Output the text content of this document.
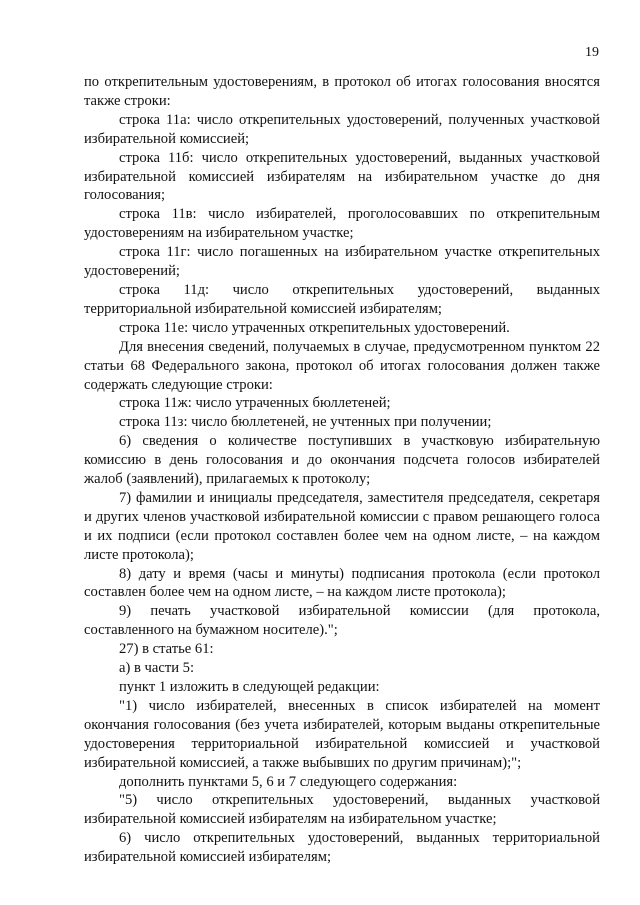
19

по открепительным удостоверениям, в протокол об итогах голосования вносятся также строки:

строка 11а: число открепительных удостоверений, полученных участковой избирательной комиссией;

строка 11б: число открепительных удостоверений, выданных участковой избирательной комиссией избирателям на избирательном участке до дня голосования;

строка 11в: число избирателей, проголосовавших по открепительным удостоверениям на избирательном участке;

строка 11г: число погашенных на избирательном участке открепительных удостоверений;

строка 11д: число открепительных удостоверений, выданных территориальной избирательной комиссией избирателям;

строка 11е: число утраченных открепительных удостоверений.

Для внесения сведений, получаемых в случае, предусмотренном пунктом 22 статьи 68 Федерального закона, протокол об итогах голосования должен также содержать следующие строки:

строка 11ж: число утраченных бюллетеней;

строка 11з: число бюллетеней, не учтенных при получении;

6) сведения о количестве поступивших в участковую избирательную комиссию в день голосования и до окончания подсчета голосов избирателей жалоб (заявлений), прилагаемых к протоколу;

7) фамилии и инициалы председателя, заместителя председателя, секретаря и других членов участковой избирательной комиссии с правом решающего голоса и их подписи (если протокол составлен более чем на одном листе, – на каждом листе протокола);

8) дату и время (часы и минуты) подписания протокола (если протокол составлен более чем на одном листе, – на каждом листе протокола);

9) печать участковой избирательной комиссии (для протокола, составленного на бумажном носителе).";

27) в статье 61:

а) в части 5:

пункт 1 изложить в следующей редакции:

"1) число избирателей, внесенных в список избирателей на момент окончания голосования (без учета избирателей, которым выданы открепительные удостоверения территориальной избирательной комиссией и участковой избирательной комиссией, а также выбывших по другим причинам);";

дополнить пунктами 5, 6 и 7 следующего содержания:

"5) число открепительных удостоверений, выданных участковой избирательной комиссией избирателям на избирательном участке;

6) число открепительных удостоверений, выданных территориальной избирательной комиссией избирателям;
